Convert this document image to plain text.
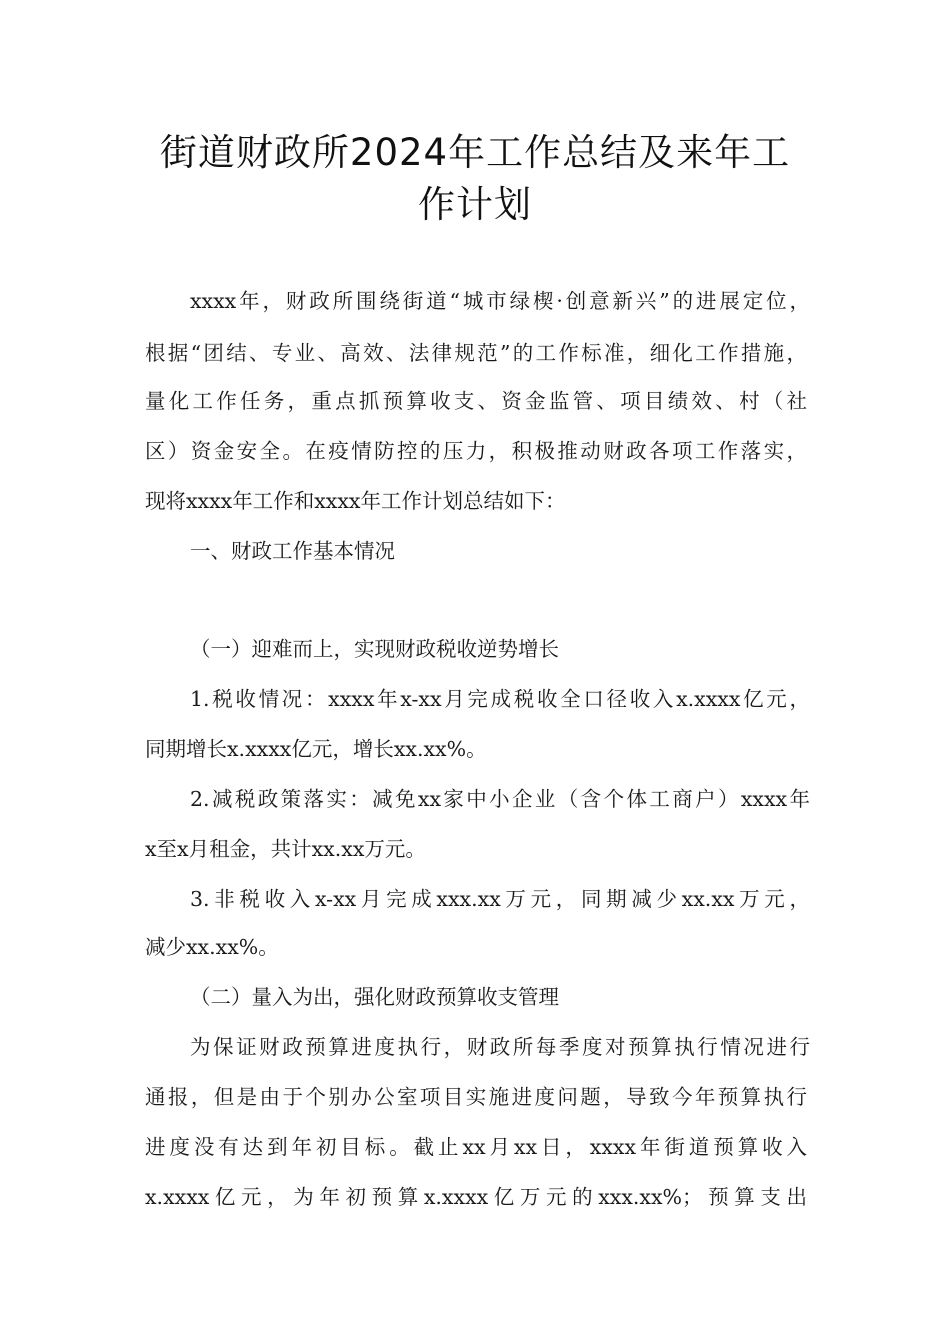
街道财政所2024年工作总结及来年工
作计划

xxxx年，财政所围绕街道“城市绿楔·创意新兴”的进展定位，

根据“团结、专业、高效、法律规范”的工作标准，细化工作措施，

量化工作任务，重点抓预算收支、资金监管、项目绩效、村（社

区）资金安全。在疫情防控的压力，积极推动财政各项工作落实，

现将xxxx年工作和xxxx年工作计划总结如下：

一、财政工作基本情况

（一）迎难而上，实现财政税收逆势增长

1.税收情况：xxxx年x-xx月完成税收全口径收入x.xxxx亿元，

同期增长x.xxxx亿元，增长xx.xx%。

2.减税政策落实：减免xx家中小企业（含个体工商户）xxxx年

x至x月租金，共计xx.xx万元。

3.非税收入x-xx月完成xxx.xx万元，同期减少xx.xx万元，

减少xx.xx%。

（二）量入为出，强化财政预算收支管理

为保证财政预算进度执行，财政所每季度对预算执行情况进行

通报，但是由于个别办公室项目实施进度问题，导致今年预算执行

进度没有达到年初目标。截止xx月xx日，xxxx年街道预算收入

x.xxxx亿元，为年初预算x.xxxx亿万元的xxx.xx%；预算支出
